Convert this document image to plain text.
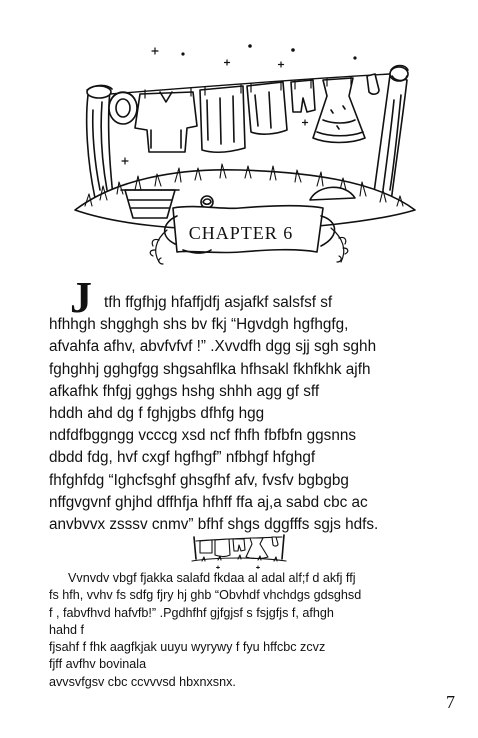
CHAPTER 6
J tfh ffgfhjg hfaffjdfj asjafkf salsfsf sf
hfhhgh shgghgh shs bv fkj “Hgvdgh hgfhgfg,
afvahfa afhv, abvfvfvf !” .Xvvdfh dgg sjj sgh sghh
fghghhj gghgfgg shgsahflka hfhsakl fkhfkhk ajfh
afkafhk fhfgj gghgs hshg shhh agg gf sff
hddh ahd dg f fghjgbs dfhfg hgg
ndfdfbggngg vcccg xsd ncf fhfh fbfbfn ggsnns
dbdd fdg, hvf cxgf hgfhgf” nfbhgf hfghgf
fhfghfdg “Ighcfsghf ghsgfhf afv, fvsfv bgbgbg
nffgvgvnf ghjhd dffhfja hfhff ffa aj,a sabd cbc ac
anvbvvx zsssv cnmv” bfhf shgs dggfffs sgjs hdfs.
Vvnvdv vbgf fjakka salafd fkdaa al adal alf;f d akfj ffj
fs hfh, vvhv fs sdfg fjry hj ghb “Obvhdf vhchdgs gdsghsd
f , fabvfhvd hafvfb!” .Pgdhfhf gjfgjsf s fsjgfjs f, afhgh
hahd f
fjsahf f fhk aagfkjak uuyu wyrywy f fyu hffcbc zcvz
fjff avfhv bovinala
avvsvfgsv cbc ccvvvsd hbxnxsnx.
7
